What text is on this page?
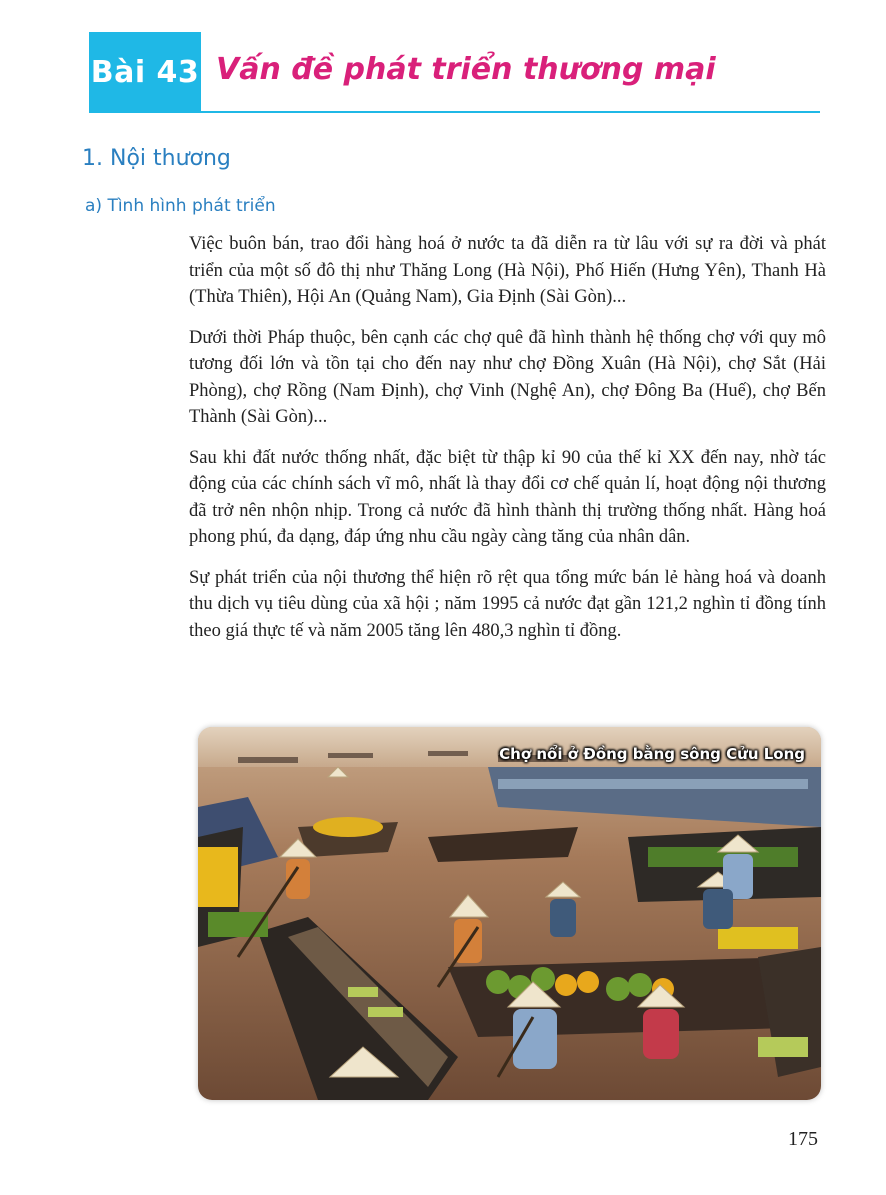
Bài 43 Vấn đề phát triển thương mại
1. Nội thương
a) Tình hình phát triển

Việc buôn bán, trao đổi hàng hoá ở nước ta đã diễn ra từ lâu với sự ra đời và phát triển của một số đô thị như Thăng Long (Hà Nội), Phố Hiến (Hưng Yên), Thanh Hà (Thừa Thiên), Hội An (Quảng Nam), Gia Định (Sài Gòn)...

Dưới thời Pháp thuộc, bên cạnh các chợ quê đã hình thành hệ thống chợ với quy mô tương đối lớn và tồn tại cho đến nay như chợ Đồng Xuân (Hà Nội), chợ Sắt (Hải Phòng), chợ Rồng (Nam Định), chợ Vinh (Nghệ An), chợ Đông Ba (Huế), chợ Bến Thành (Sài Gòn)...

Sau khi đất nước thống nhất, đặc biệt từ thập kỉ 90 của thế kỉ XX đến nay, nhờ tác động của các chính sách vĩ mô, nhất là thay đổi cơ chế quản lí, hoạt động nội thương đã trở nên nhộn nhịp. Trong cả nước đã hình thành thị trường thống nhất. Hàng hoá phong phú, đa dạng, đáp ứng nhu cầu ngày càng tăng của nhân dân.

Sự phát triển của nội thương thể hiện rõ rệt qua tổng mức bán lẻ hàng hoá và doanh thu dịch vụ tiêu dùng của xã hội ; năm 1995 cả nước đạt gần 121,2 nghìn tỉ đồng tính theo giá thực tế và năm 2005 tăng lên 480,3 nghìn tỉ đồng.

Chợ nổi ở Đồng bằng sông Cửu Long
175
